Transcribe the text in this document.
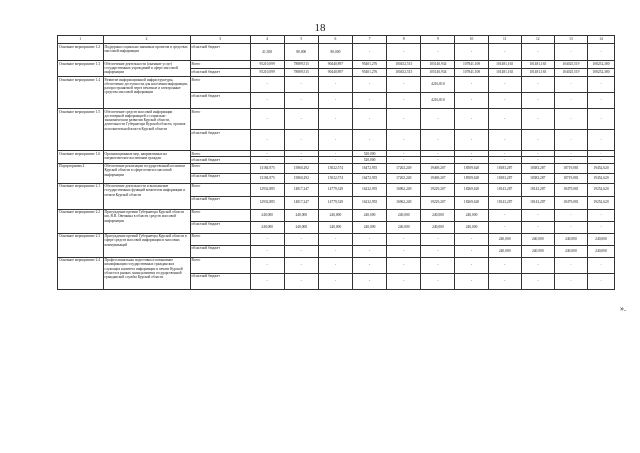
18
1	2	3	4	5	6	7	8	9	10	11	12	13	14
Основное мероприятие 1.2	Поддержка социально значимых проектов в средствах массовой информации	областной бюджет	41,300	80,000	80,000	-	-	-	-	-	-	-	-
Основное мероприятие 1.3	Обеспечение деятельности (оказание услуг) государственных учреждений в сфере массовой информации	Всего	95210,099	78889,515	90440,897	95401,276	100452,515	105140,934	107841,108	101481,165	101481,165	104025,519	108252,380
		областной бюджет	95210,099	78889,515	90440,897	95401,276	100452,515	105140,934	107841,108	101481,165	101481,165	104025,519	108252,380
Основное мероприятие 1.4	Развитие информационной инфраструктуры, обеспечение доступности для населения информации, распространяемой через печатные и электронные средства массовой информации	Всего	-	-	-	-	-	4216,810	-	-	-	-	-
		областной бюджет	-	-	-	-	-	4216,810	-	-	-	-	-
Основное мероприятие 1.5	Обеспечение средств массовой информации достоверной информацией о социально-экономическом развитии Курской области, деятельности Губернатора Курской области, органов исполнительной власти Курской области	Всего	-	-	-	-	-	-	-	-	-	-	-
		областной бюджет	-	-	-	-	-	-	-	-	-	-	-
Основное мероприятие 1.6	Организационные мер, направленные на патриотическое воспитание граждан	Всего	-	-	-	520,000	-	-	-	-	-	-	-
		областной бюджет	-	-	-	520,000	-	-	-	-	-	-	-
Подпрограмма 2	Обеспечение реализации государственной политики Курской области в сфере печати и массовой информации	Всего	13184,975	15860,292	15022,574	16472,955	17202,249	19469,207	18509,620	18183,287	18383,287	18719,081	19452,620
		областной бюджет	13184,975	15860,292	15022,574	16472,955	17202,249	19469,207	18509,620	18183,287	18383,287	18719,081	19452,620
Основное мероприятие 2.1	Обеспечение деятельности и выполнение государственных функций комитетом информации и печати Курской области	Всего	12932,885	14817,247	14779,329	16232,955	16962,249	19229,207	18269,620	18143,287	18143,287	18479,081	19252,620
		областной бюджет	12932,885	14817,247	14779,329	16232,955	16962,249	19229,207	18269,620	18143,287	18143,287	18479,081	19252,620
Основное мероприятие 2.2	Присуждение премии Губернатора Курской области им. В.В. Овечкина в области средств массовой информации	Всего	240,000	240,000	240,000	240,000	240,000	240,000	240,000	-	-	-	-
		областной бюджет	240,000	240,000	240,000	240,000	240,000	240,000	240,000	-	-	-	-
Основное мероприятие 2.3	Присуждение премий Губернатора Курской области в сфере средств массовой информации и массовых коммуникаций	Всего	-	-	-	-	-	-	-	240,000	240,000	240,000	240,000
		областной бюджет	-	-	-	-	-	-	-	240,000	240,000	240,000	240,000
Основное мероприятие 2.4	Профессиональная подготовка и повышение квалификации государственных гражданских служащих комитета информации и печати Курской области в рамках плана развития государственной гражданской службы Курской области	Всего	-	-	-	-	-	-	-	-	-	-	-
		областной бюджет	-	-	-	-	-	-	-	-	-	-	-
».
